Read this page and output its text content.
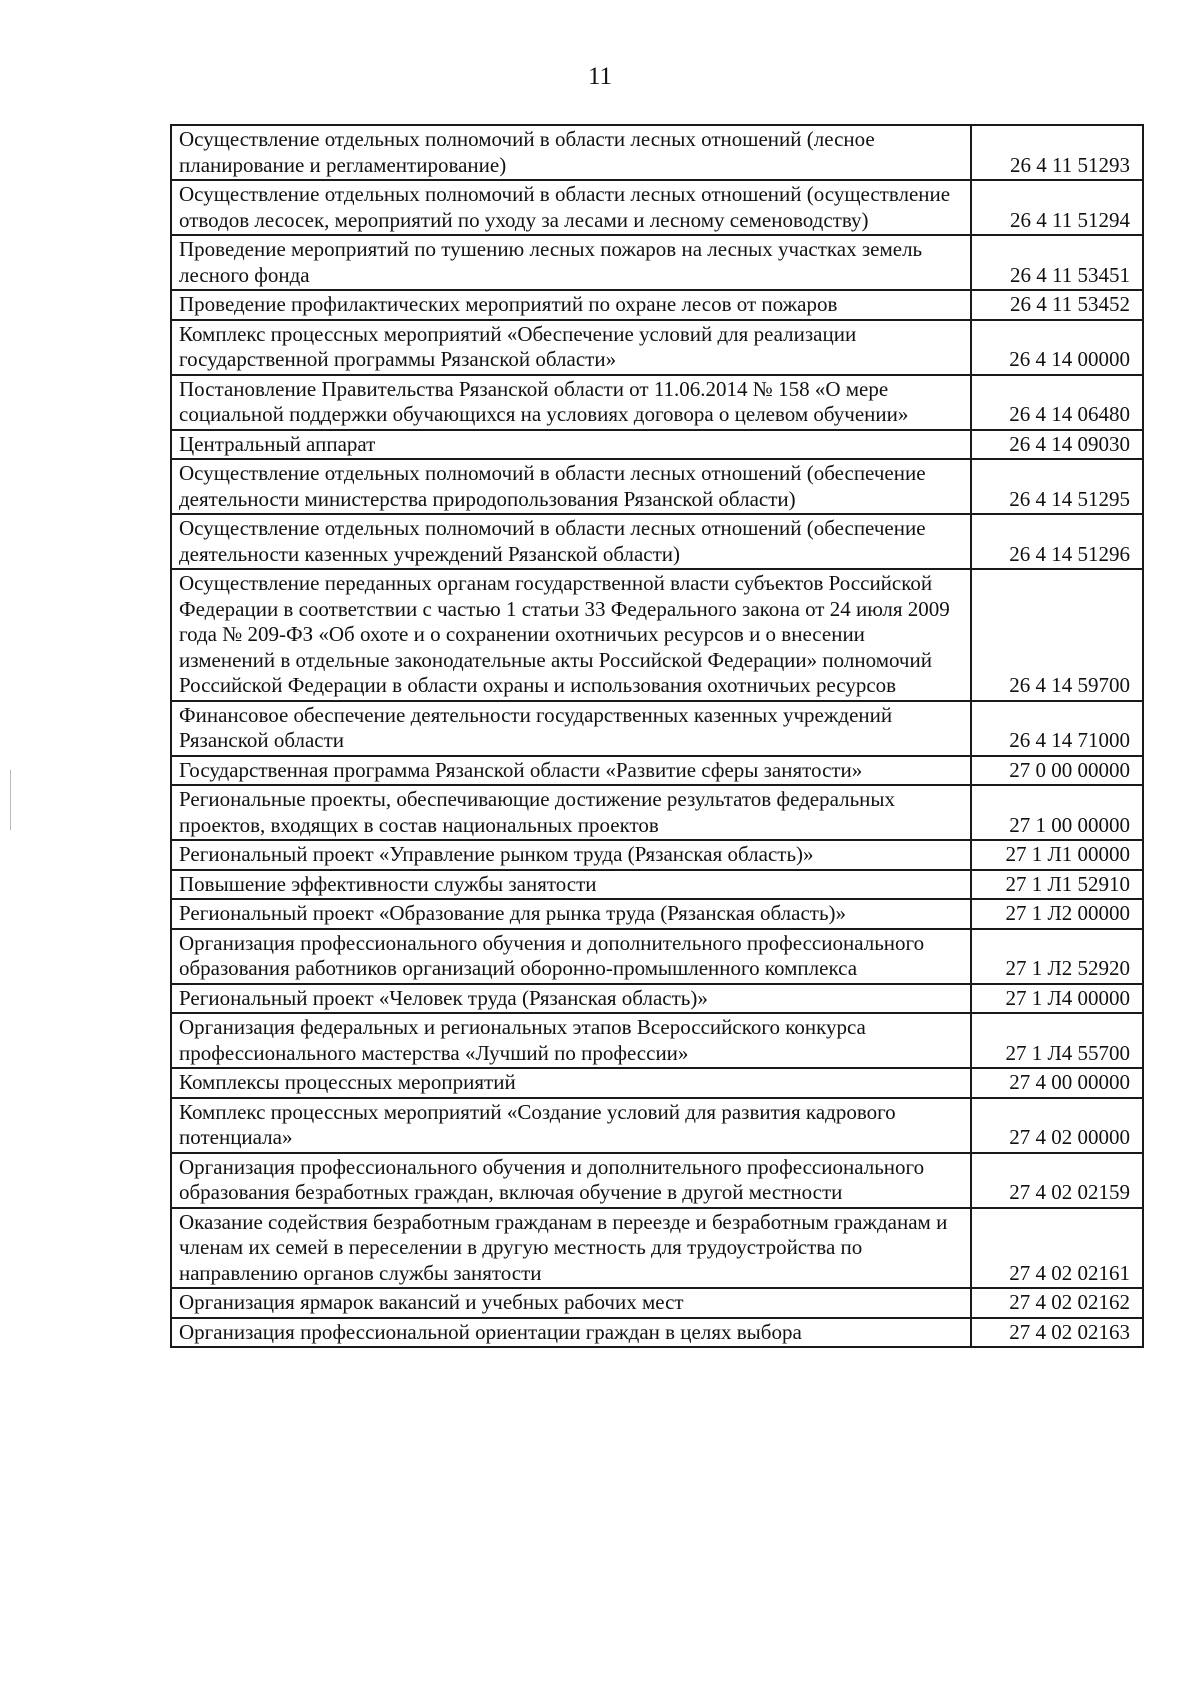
11
Осуществление отдельных полномочий в области лесных отношений (лесное планирование и регламентирование)	26 4 11 51293
Осуществление отдельных полномочий в области лесных отношений (осуществление отводов лесосек, мероприятий по уходу за лесами и лесному семеноводству)	26 4 11 51294
Проведение мероприятий по тушению лесных пожаров на лесных участках земель лесного фонда	26 4 11 53451
Проведение профилактических мероприятий по охране лесов от пожаров	26 4 11 53452
Комплекс процессных мероприятий «Обеспечение условий для реализации государственной программы Рязанской области»	26 4 14 00000
Постановление Правительства Рязанской области от 11.06.2014 № 158 «О мере социальной поддержки обучающихся на условиях договора о целевом обучении»	26 4 14 06480
Центральный аппарат	26 4 14 09030
Осуществление отдельных полномочий в области лесных отношений (обеспечение деятельности министерства природопользования Рязанской области)	26 4 14 51295
Осуществление отдельных полномочий в области лесных отношений (обеспечение деятельности казенных учреждений Рязанской области)	26 4 14 51296
Осуществление переданных органам государственной власти субъектов Российской Федерации в соответствии с частью 1 статьи 33 Федерального закона от 24 июля 2009 года № 209-ФЗ «Об охоте и о сохранении охотничьих ресурсов и о внесении изменений в отдельные законодательные акты Российской Федерации» полномочий Российской Федерации в области охраны и использования охотничьих ресурсов	26 4 14 59700
Финансовое обеспечение деятельности государственных казенных учреждений Рязанской области	26 4 14 71000
Государственная программа Рязанской области «Развитие сферы занятости»	27 0 00 00000
Региональные проекты, обеспечивающие достижение результатов федеральных проектов, входящих в состав национальных проектов	27 1 00 00000
Региональный проект «Управление рынком труда (Рязанская область)»	27 1 Л1 00000
Повышение эффективности службы занятости	27 1 Л1 52910
Региональный проект «Образование для рынка труда (Рязанская область)»	27 1 Л2 00000
Организация профессионального обучения и дополнительного профессионального образования работников организаций оборонно-промышленного комплекса	27 1 Л2 52920
Региональный проект «Человек труда (Рязанская область)»	27 1 Л4 00000
Организация федеральных и региональных этапов Всероссийского конкурса профессионального мастерства «Лучший по профессии»	27 1 Л4 55700
Комплексы процессных мероприятий	27 4 00 00000
Комплекс процессных мероприятий «Создание условий для развития кадрового потенциала»	27 4 02 00000
Организация профессионального обучения и дополнительного профессионального образования безработных граждан, включая обучение в другой местности	27 4 02 02159
Оказание содействия безработным гражданам в переезде и безработным гражданам и членам их семей в переселении в другую местность для трудоустройства по направлению органов службы занятости	27 4 02 02161
Организация ярмарок вакансий и учебных рабочих мест	27 4 02 02162
Организация профессиональной ориентации граждан в целях выбора	27 4 02 02163
